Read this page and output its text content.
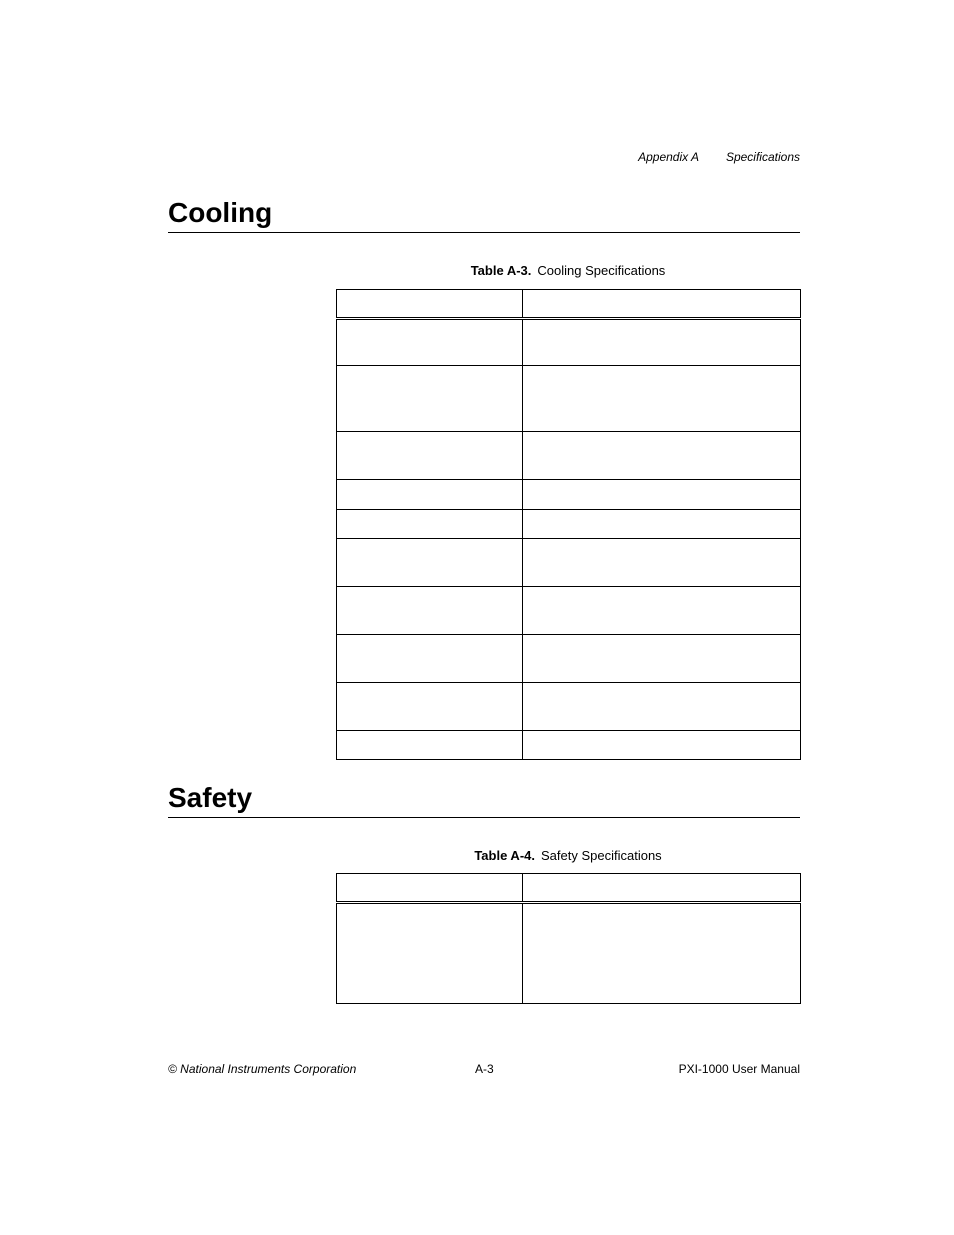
Appendix A Specifications
Cooling
Table A-3. Cooling Specifications

Safety
Table A-4. Safety Specifications

© National Instruments Corporation	A-3	PXI-1000 User Manual
